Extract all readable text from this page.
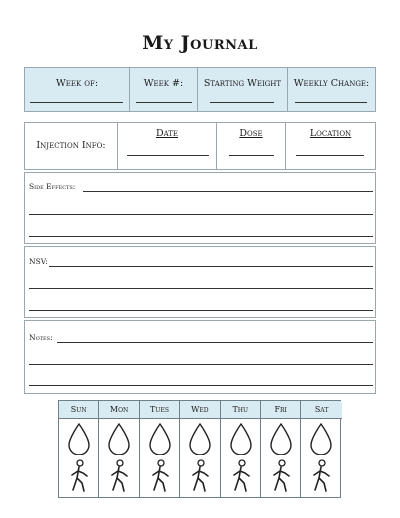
My Journal
Week of:	Week #:	Starting Weight	Weekly Change:
Injection Info:
Date	Dose	Location
Side Effects:
NSV:
Notes:
Sun	Mon	Tues	Wed	Thu	Fri	Sat
